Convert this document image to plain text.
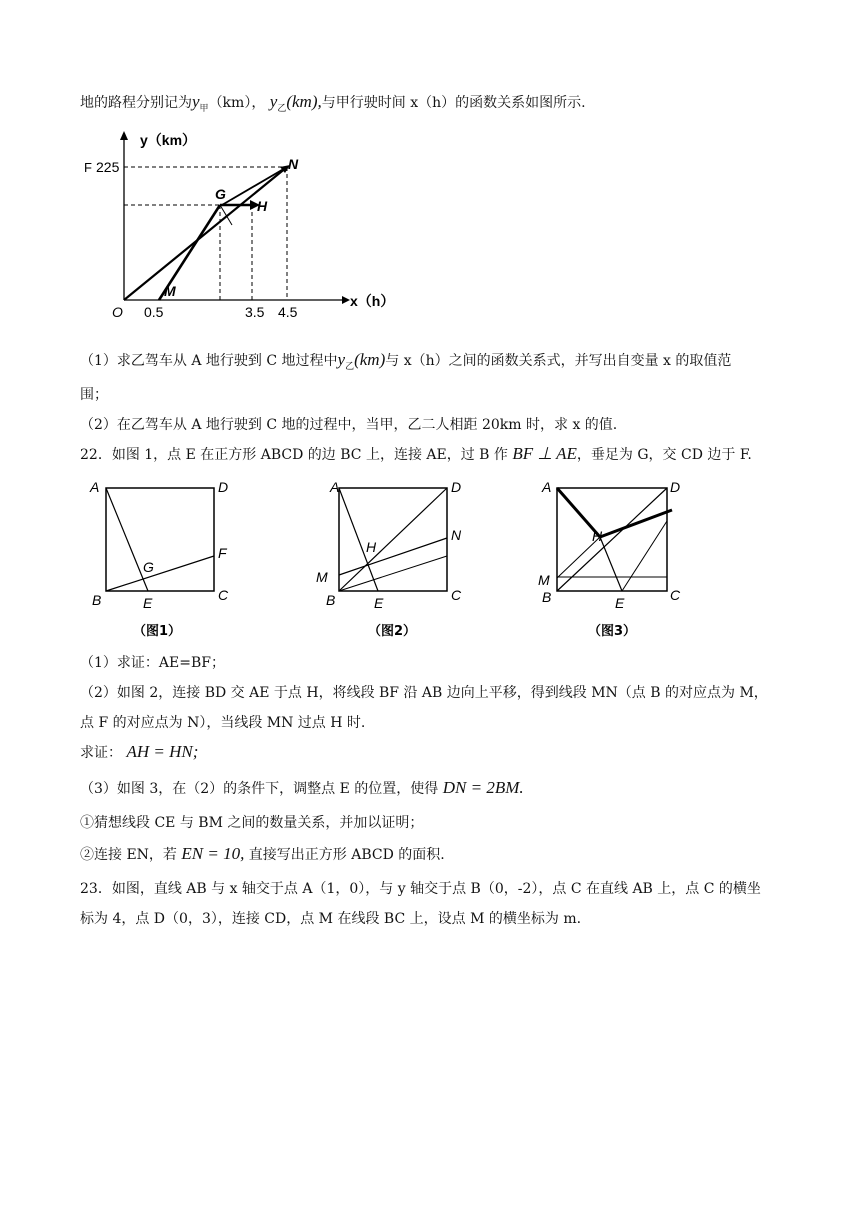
地的路程分别记为$y_甲(km)$， $y_乙(km)$,与甲行驶时间 x（h）的函数关系如图所示.
y（km）
x（h）
225
F
O 0.5	3.5 4.5
G
H
M
N
（1）求乙驾车从 A 地行驶到 C 地过程中$y_乙(km)$与 x（h）之间的函数关系式，并写出自变量 x 的取值范
围；
（2）在乙驾车从 A 地行驶到 C 地的过程中，当甲，乙二人相距 20km 时，求 x 的值.
22．如图 1，点 E 在正方形 ABCD 的边 BC 上，连接 AE，过 B 作 BF ⊥ AE，垂足为 G，交 CD 边于 F.
A	D
B	C
F
E
G
（图1）
A	D
N
M
H
B	C
E
（图2）
A	D
H
M
B	C
E
（图3）
（1）求证：AE=BF；
（2）如图 2，连接 BD 交 AE 于点 H，将线段 BF 沿 AB 边向上平移，得到线段 MN（点 B 的对应点为 M，
点 F 的对应点为 N），当线段 MN 过点 H 时.
求证： AH = HN;
（3）如图 3，在（2）的条件下，调整点 E 的位置，使得 DN = 2BM.
①猜想线段 CE 与 BM 之间的数量关系，并加以证明；
②连接 EN，若 EN = 10, 直接写出正方形 ABCD 的面积.
23．如图，直线 AB 与 x 轴交于点 A（1，0），与 y 轴交于点 B（0，-2），点 C 在直线 AB 上，点 C 的横坐
标为 4，点 D（0，3），连接 CD，点 M 在线段 BC 上，设点 M 的横坐标为 m.
